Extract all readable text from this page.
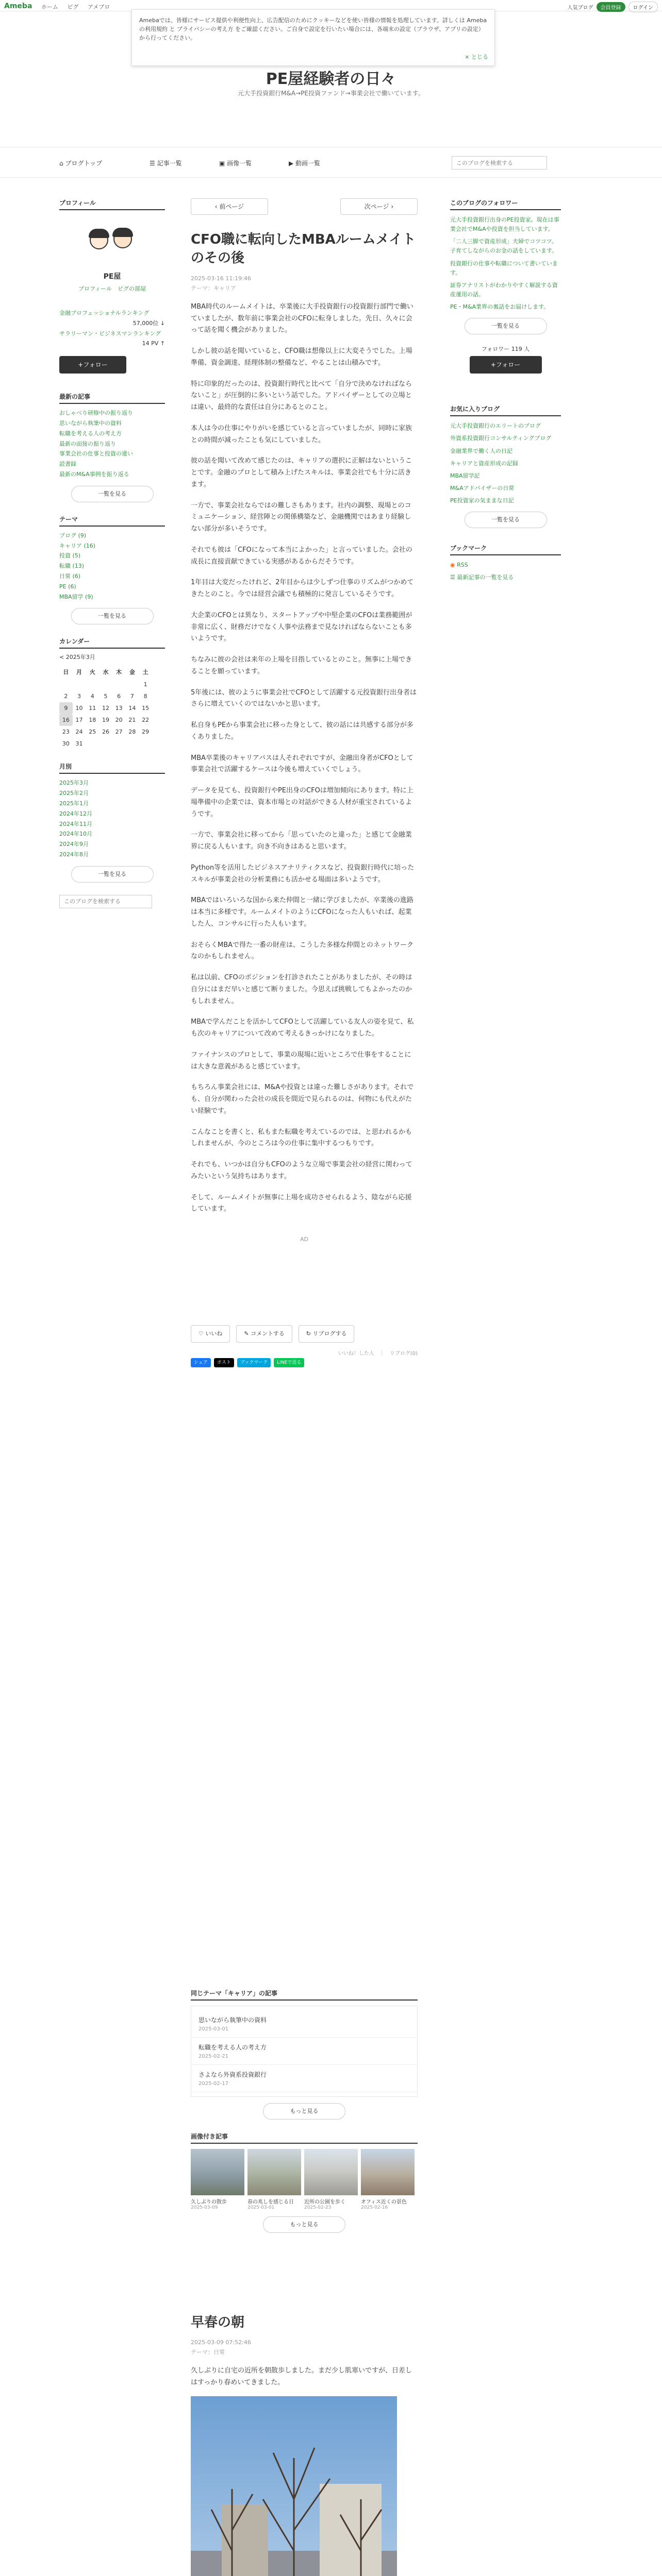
Ameba ホーム ピグ アメブロ	人気ブログ	会員登録	ログイン
Amebaでは、皆様にサービス提供や利便性向上、広告配信のためにクッキーなどを使い皆様の情報を処理しています。詳しくは Amebaの利用規約 と プライバシーの考え方 をご確認ください。ご自身で設定を行いたい場合には、各端末の設定（ブラウザ、アプリの設定）から行ってください。
× とじる
PE屋経験者の日々
元大手投資銀行M&A→PE投資ファンド→事業会社で働いています。
⌂ ブログトップ	☰ 記事一覧	▣ 画像一覧	▶ 動画一覧
このブログを検索する
プロフィール
PE屋
プロフィール　ピグの部屋
金融プロフェッショナルランキング
57,000位 ↓
サラリーマン・ビジネスマンランキング
14 PV ↑
+フォロー
最新の記事
おしゃべり研修中の振り返り
思いながら執筆中の資料
転職を考える人の考え方
最新の面接の振り返り
事業会社の仕事と投資の違い
読書録
最新のM&A事例を振り返る
一覧を見る
テーマ
ブログ (9)
キャリア (16)
投資 (5)
転職 (13)
日常 (6)
PE (6)
MBA留学 (9)
一覧を見る
カレンダー
< 2025年3月
日	月	火	水	木	金	土
						1
2	3	4	5	6	7	8
9	10	11	12	13	14	15
16	17	18	19	20	21	22
23	24	25	26	27	28	29
30	31					
月別
2025年3月
2025年2月
2025年1月
2024年12月
2024年11月
2024年10月
2024年9月
2024年8月
一覧を見る
このブログを検索する
‹ 前ページ	次ページ ›
CFO職に転向したMBAルームメイトのその後
2025-03-16 11:19:46
テーマ：キャリア

MBA時代のルームメイトは、卒業後に大手投資銀行の投資銀行部門で働いていましたが、数年前に事業会社のCFOに転身しました。先日、久々に会って話を聞く機会がありました。

しかし彼の話を聞いていると、CFO職は想像以上に大変そうでした。上場準備、資金調達、経理体制の整備など、やることは山積みです。

特に印象的だったのは、投資銀行時代と比べて「自分で決めなければならないこと」が圧倒的に多いという話でした。アドバイザーとしての立場とは違い、最終的な責任は自分にあるとのこと。

本人は今の仕事にやりがいを感じていると言っていましたが、同時に家族との時間が減ったことも気にしていました。

彼の話を聞いて改めて感じたのは、キャリアの選択に正解はないということです。金融のプロとして積み上げたスキルは、事業会社でも十分に活きます。

一方で、事業会社ならではの難しさもあります。社内の調整、現場とのコミュニケーション、経営陣との関係構築など、金融機関ではあまり経験しない部分が多いそうです。

それでも彼は「CFOになって本当によかった」と言っていました。会社の成長に直接貢献できている実感があるからだそうです。

1年目は大変だったけれど、2年目からは少しずつ仕事のリズムがつかめてきたとのこと。今では経営会議でも積極的に発言しているそうです。

大企業のCFOとは異なり、スタートアップや中堅企業のCFOは業務範囲が非常に広く、財務だけでなく人事や法務まで見なければならないことも多いようです。

ちなみに彼の会社は来年の上場を目指しているとのこと。無事に上場できることを願っています。

5年後には、彼のように事業会社でCFOとして活躍する元投資銀行出身者はさらに増えていくのではないかと思います。

私自身もPEから事業会社に移った身として、彼の話には共感する部分が多くありました。

MBA卒業後のキャリアパスは人それぞれですが、金融出身者がCFOとして事業会社で活躍するケースは今後も増えていくでしょう。

データを見ても、投資銀行やPE出身のCFOは増加傾向にあります。特に上場準備中の企業では、資本市場との対話ができる人材が重宝されているようです。

一方で、事業会社に移ってから「思っていたのと違った」と感じて金融業界に戻る人もいます。向き不向きはあると思います。

Python等を活用したビジネスアナリティクスなど、投資銀行時代に培ったスキルが事業会社の分析業務にも活かせる場面は多いようです。

MBAではいろいろな国から来た仲間と一緒に学びましたが、卒業後の進路は本当に多様です。ルームメイトのようにCFOになった人もいれば、起業した人、コンサルに行った人もいます。

おそらくMBAで得た一番の財産は、こうした多様な仲間とのネットワークなのかもしれません。

私は以前、CFOのポジションを打診されたことがありましたが、その時は自分にはまだ早いと感じて断りました。今思えば挑戦してもよかったのかもしれません。

MBAで学んだことを活かしてCFOとして活躍している友人の姿を見て、私も次のキャリアについて改めて考えるきっかけになりました。

ファイナンスのプロとして、事業の現場に近いところで仕事をすることには大きな意義があると感じています。

もちろん事業会社には、M&Aや投資とは違った難しさがあります。それでも、自分が関わった会社の成長を間近で見られるのは、何物にも代えがたい経験です。

こんなことを書くと、私もまた転職を考えているのでは、と思われるかもしれませんが、今のところは今の仕事に集中するつもりです。

それでも、いつかは自分もCFOのような立場で事業会社の経営に関わってみたいという気持ちはあります。

そして、ルームメイトが無事に上場を成功させられるよう、陰ながら応援しています。

AD
♡ いいね	✎ コメントする	↻ リブログする
シェア	ポスト	ブックマーク	LINEで送る
いいね！した人　｜　リブログ(0)
このブログのフォロワー
元大手投資銀行出身のPE投資家。現在は事業会社でM&Aや投資を担当しています。
「二人三脚で資産形成」夫婦でコツコツ。子育てしながらのお金の話をしています。
投資銀行の仕事や転職について書いています。
証券アナリストがわかりやすく解説する資産運用の話。
PE・M&A業界の裏話をお届けします。
一覧を見る
フォロワー 119 人
+フォロー
お気に入りブログ
元大手投資銀行のエリートのブログ
外資系投資銀行コンサルティングブログ
金融業界で働く人の日記
キャリアと資産形成の記録
MBA留学記
M&Aアドバイザーの日常
PE投資家の気ままな日記
一覧を見る
ブックマーク
◉ RSS
☰ 最新記事の一覧を見る
同じテーマ「キャリア」の記事
思いながら執筆中の資料
2025-03-01
転職を考える人の考え方
2025-02-21
さよなら外資系投資銀行
2025-02-17
もっと見る
画像付き記事
久しぶりの散歩
2025-03-09
春の兆しを感じる日
2025-03-01
近所の公園を歩く
2025-02-23
オフィス近くの景色
2025-02-16
もっと見る
早春の朝
2025-03-09 07:52:46
テーマ：日常

久しぶりに自宅の近所を朝散歩しました。まだ少し肌寒いですが、日差しはすっかり春めいてきました。
